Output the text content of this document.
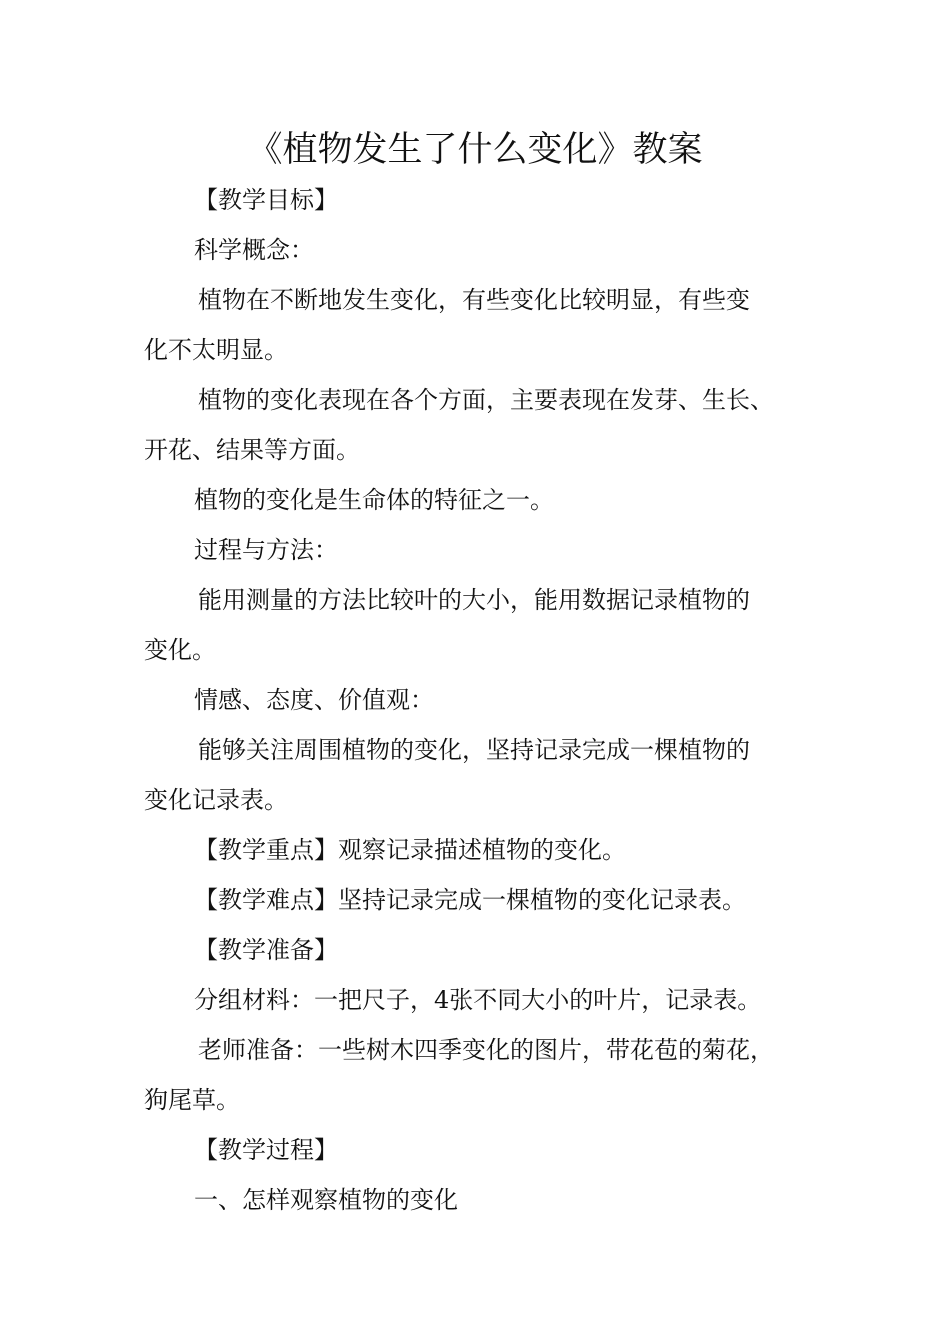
《植物发生了什么变化》教案
【教学目标】
科学概念：
植物在不断地发生变化，有些变化比较明显，有些变
化不太明显。
植物的变化表现在各个方面，主要表现在发芽、生长、
开花、结果等方面。
植物的变化是生命体的特征之一。
过程与方法：
能用测量的方法比较叶的大小，能用数据记录植物的
变化。
情感、态度、价值观：
能够关注周围植物的变化，坚持记录完成一棵植物的
变化记录表。
【教学重点】观察记录描述植物的变化。
【教学难点】坚持记录完成一棵植物的变化记录表。
【教学准备】
分组材料：一把尺子，4张不同大小的叶片，记录表。
老师准备：一些树木四季变化的图片，带花苞的菊花，
狗尾草。
【教学过程】
一、怎样观察植物的变化
